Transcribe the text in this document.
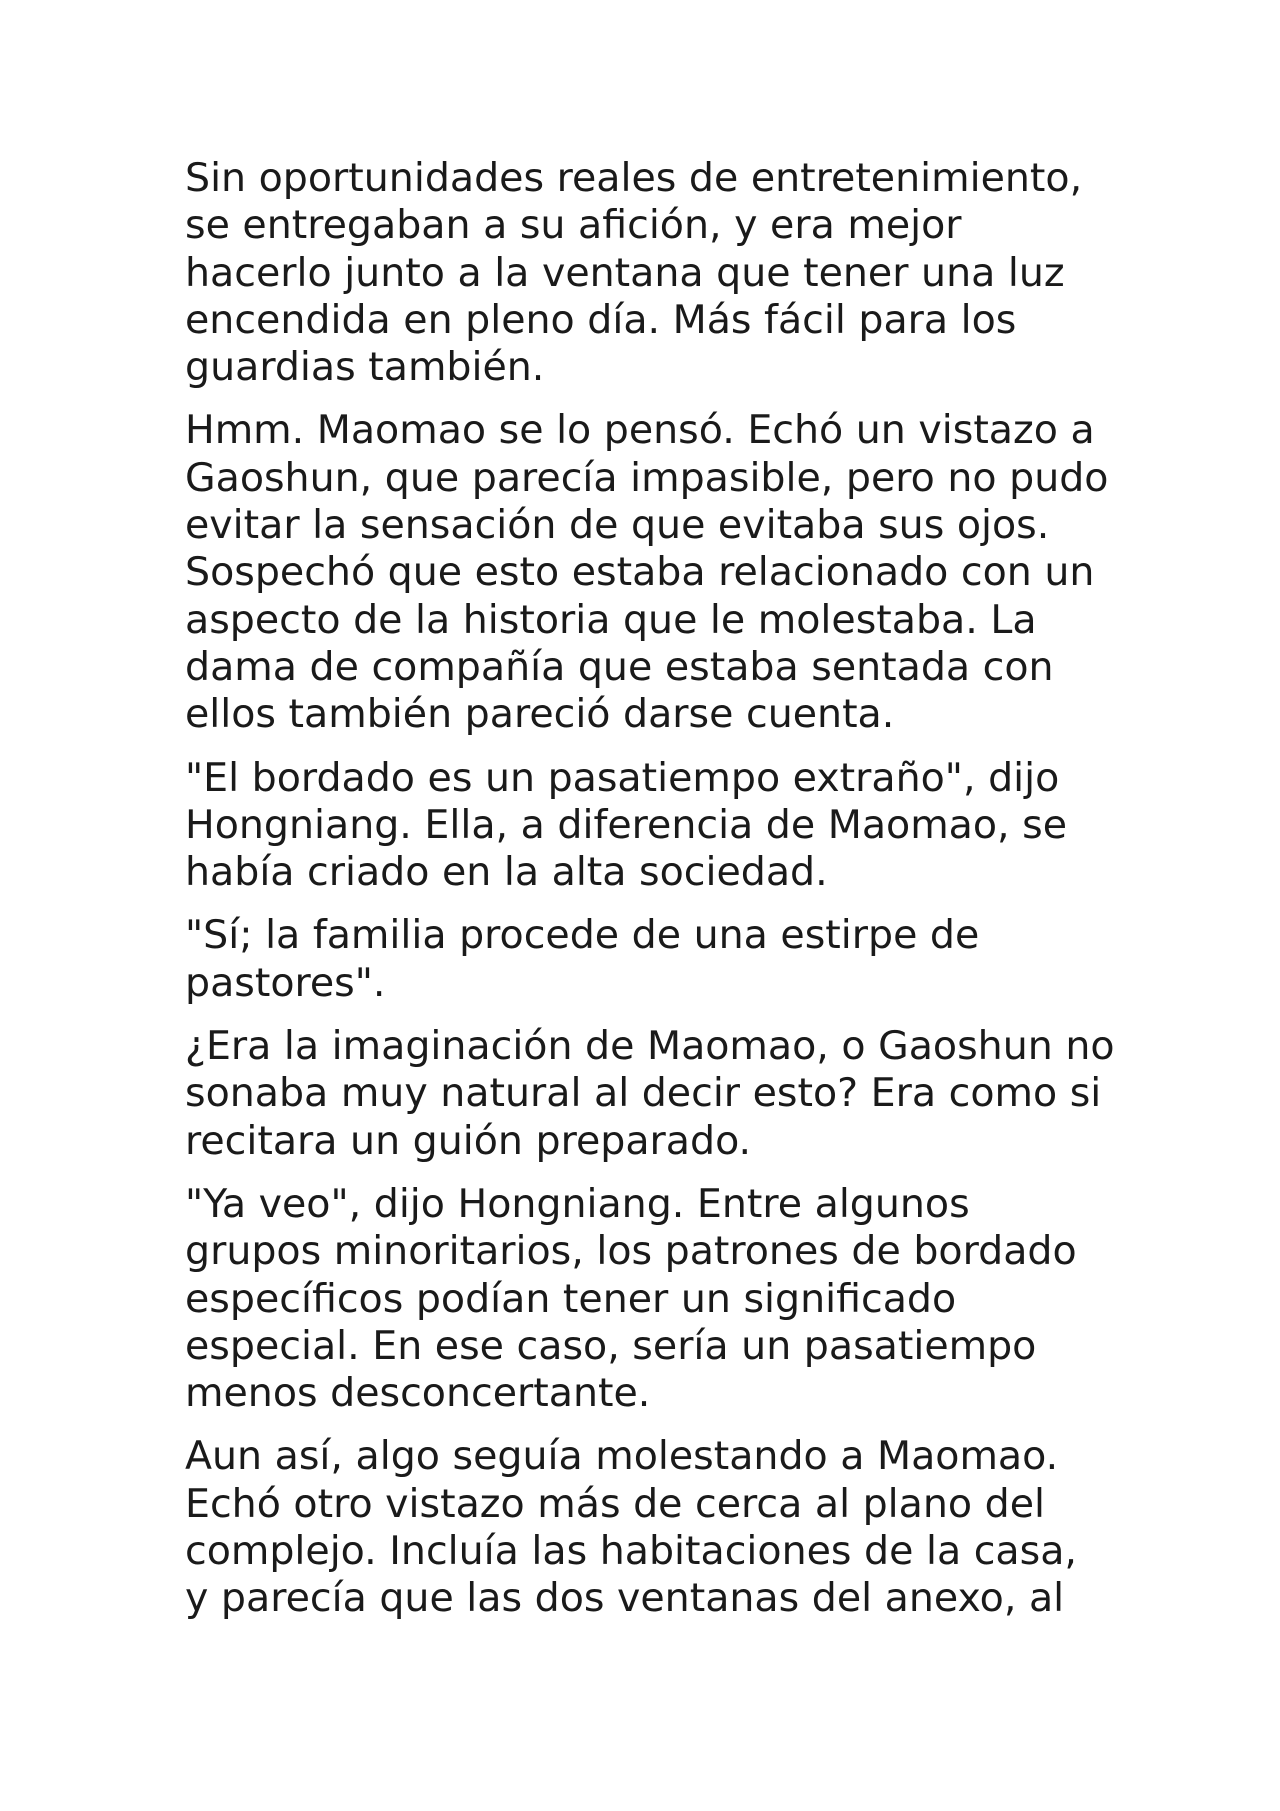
Sin oportunidades reales de entretenimiento,
se entregaban a su afición, y era mejor
hacerlo junto a la ventana que tener una luz
encendida en pleno día. Más fácil para los
guardias también.

Hmm. Maomao se lo pensó. Echó un vistazo a
Gaoshun, que parecía impasible, pero no pudo
evitar la sensación de que evitaba sus ojos.
Sospechó que esto estaba relacionado con un
aspecto de la historia que le molestaba. La
dama de compañía que estaba sentada con
ellos también pareció darse cuenta.

"El bordado es un pasatiempo extraño", dijo
Hongniang. Ella, a diferencia de Maomao, se
había criado en la alta sociedad.

"Sí; la familia procede de una estirpe de
pastores".

¿Era la imaginación de Maomao, o Gaoshun no
sonaba muy natural al decir esto? Era como si
recitara un guión preparado.

"Ya veo", dijo Hongniang. Entre algunos
grupos minoritarios, los patrones de bordado
específicos podían tener un significado
especial. En ese caso, sería un pasatiempo
menos desconcertante.

Aun así, algo seguía molestando a Maomao.
Echó otro vistazo más de cerca al plano del
complejo. Incluía las habitaciones de la casa,
y parecía que las dos ventanas del anexo, al
